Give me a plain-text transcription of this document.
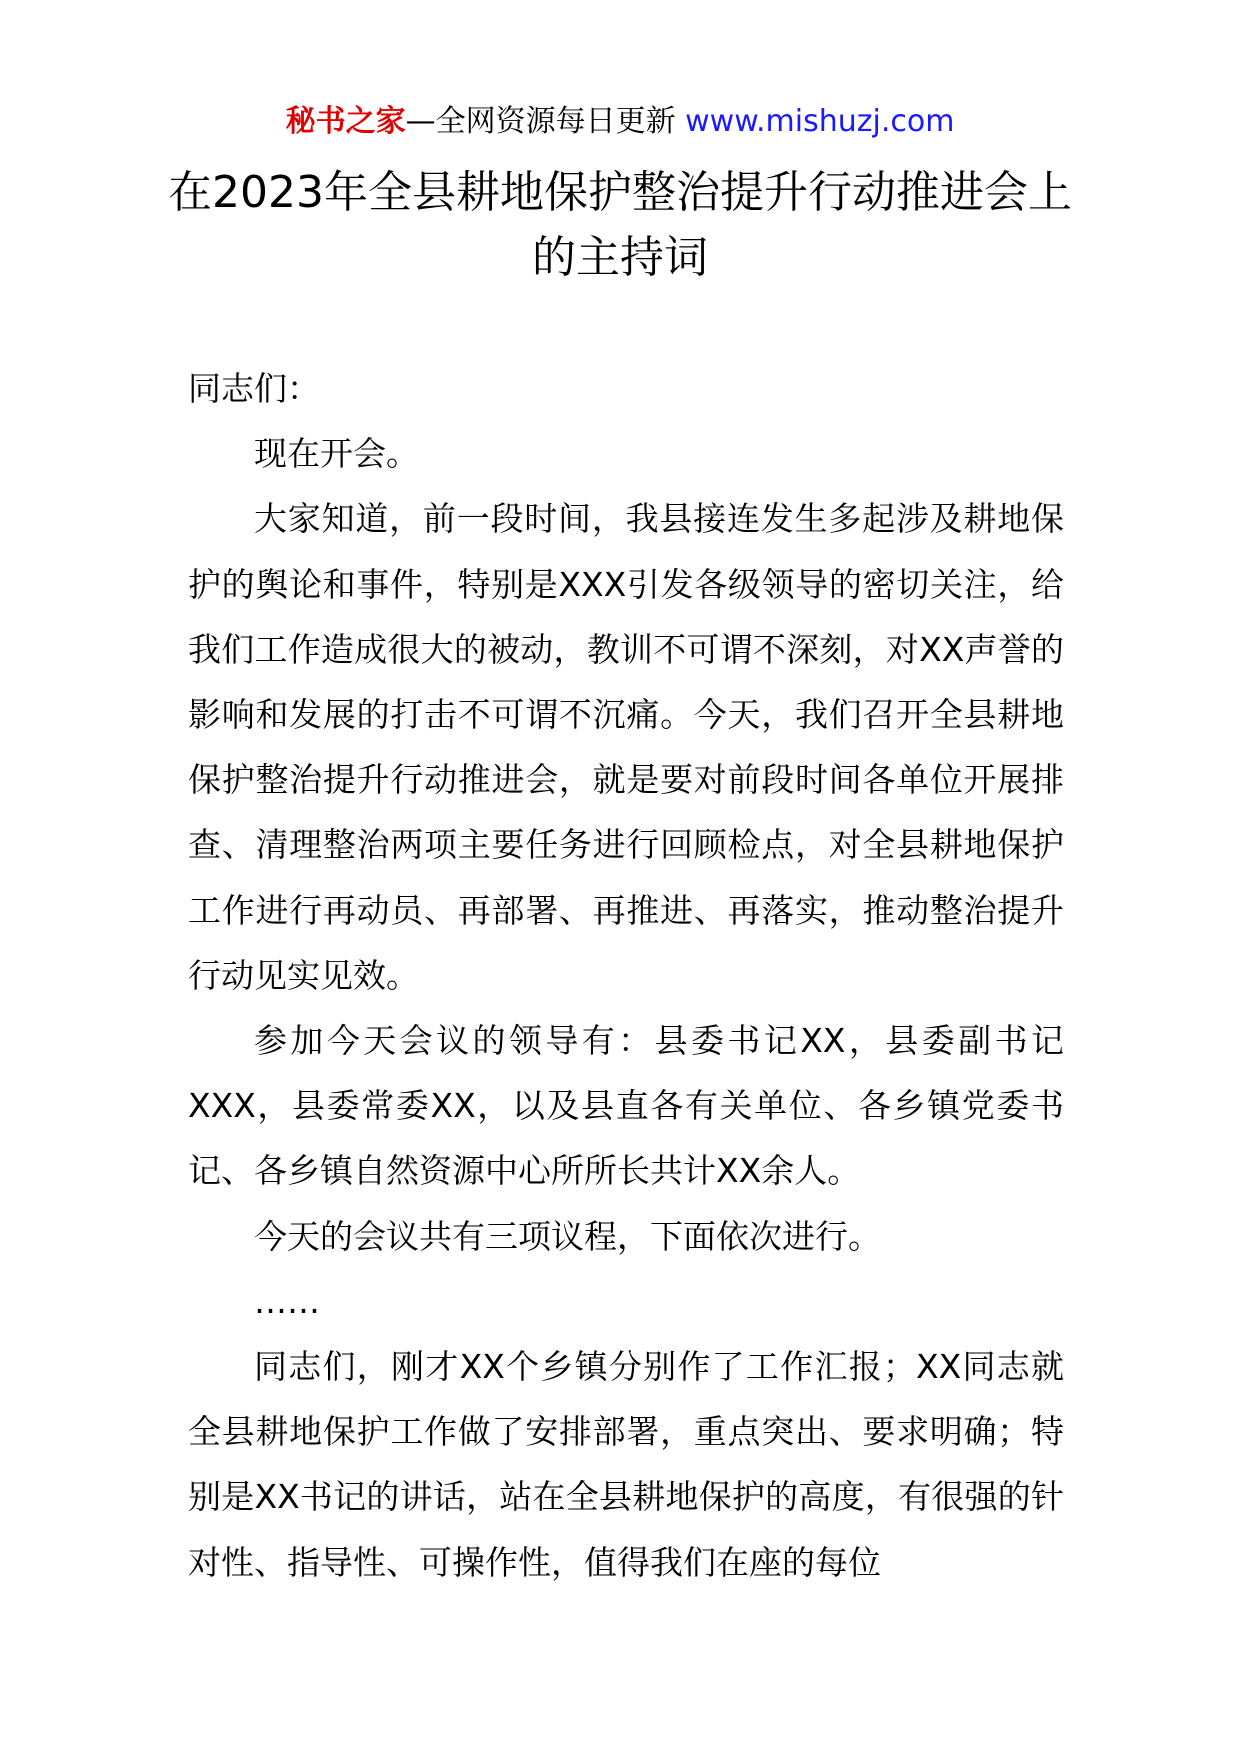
秘书之家—全网资源每日更新 www.mishuzj.com
在2023年全县耕地保护整治提升行动推进会上的主持词

同志们：

现在开会。

大家知道，前一段时间，我县接连发生多起涉及耕地保护的舆论和事件，特别是XXX引发各级领导的密切关注，给我们工作造成很大的被动，教训不可谓不深刻，对XX声誉的影响和发展的打击不可谓不沉痛。今天，我们召开全县耕地保护整治提升行动推进会，就是要对前段时间各单位开展排查、清理整治两项主要任务进行回顾检点，对全县耕地保护工作进行再动员、再部署、再推进、再落实，推动整治提升行动见实见效。

参加今天会议的领导有：县委书记XX，县委副书记XXX，县委常委XX，以及县直各有关单位、各乡镇党委书记、各乡镇自然资源中心所所长共计XX余人。

今天的会议共有三项议程，下面依次进行。

……

同志们，刚才XX个乡镇分别作了工作汇报；XX同志就全县耕地保护工作做了安排部署，重点突出、要求明确；特别是XX书记的讲话，站在全县耕地保护的高度，有很强的针对性、指导性、可操作性，值得我们在座的每位
